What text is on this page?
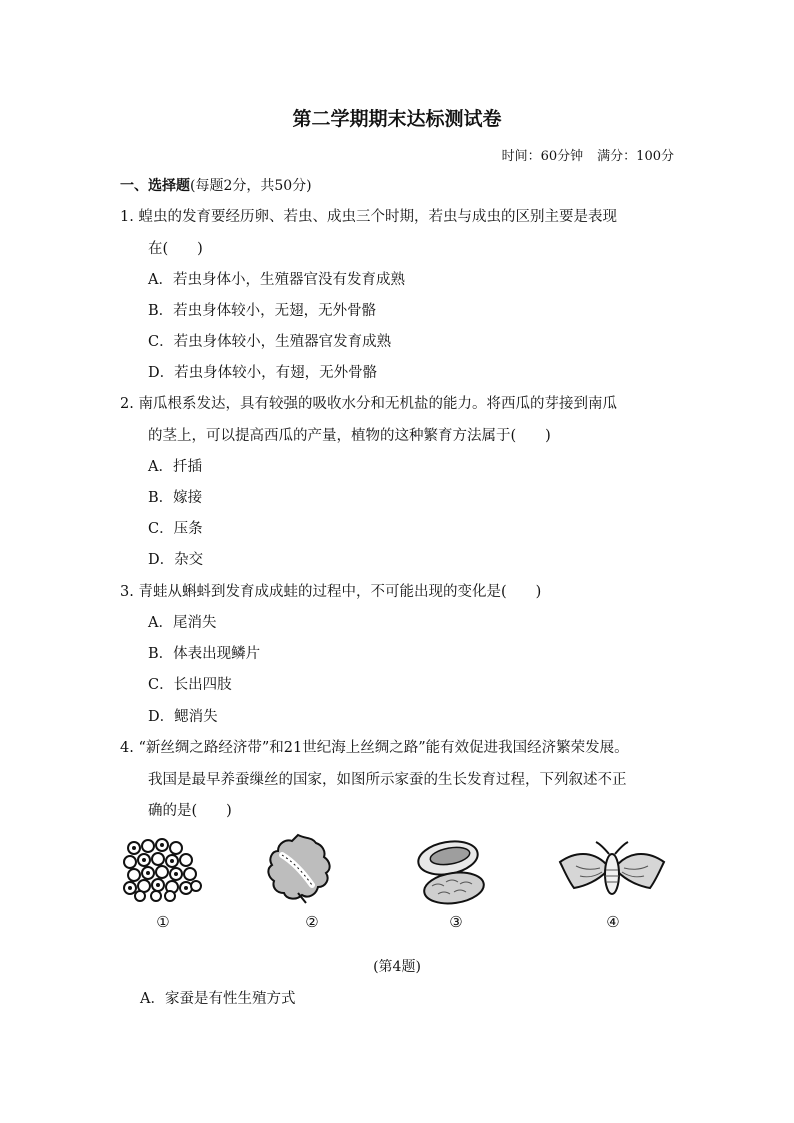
第二学期期末达标测试卷
时间：60分钟 满分：100分
一、选择题(每题2分，共50分)
1. 蝗虫的发育要经历卵、若虫、成虫三个时期，若虫与成虫的区别主要是表现
在(　　)
A．若虫身体小，生殖器官没有发育成熟
B．若虫身体较小，无翅，无外骨骼
C．若虫身体较小，生殖器官发育成熟
D．若虫身体较小，有翅，无外骨骼
2. 南瓜根系发达，具有较强的吸收水分和无机盐的能力。将西瓜的芽接到南瓜
的茎上，可以提高西瓜的产量，植物的这种繁育方法属于(　　)
A．扦插
B．嫁接
C．压条
D．杂交
3. 青蛙从蝌蚪到发育成成蛙的过程中，不可能出现的变化是(　　)
A．尾消失
B．体表出现鳞片
C．长出四肢
D．鳃消失
4. “新丝绸之路经济带”和21世纪海上丝绸之路”能有效促进我国经济繁荣发展。
我国是最早养蚕缫丝的国家，如图所示家蚕的生长发育过程，下列叙述不正
确的是(　　)
①	②	③	④
(第4题)
A．家蚕是有性生殖方式
